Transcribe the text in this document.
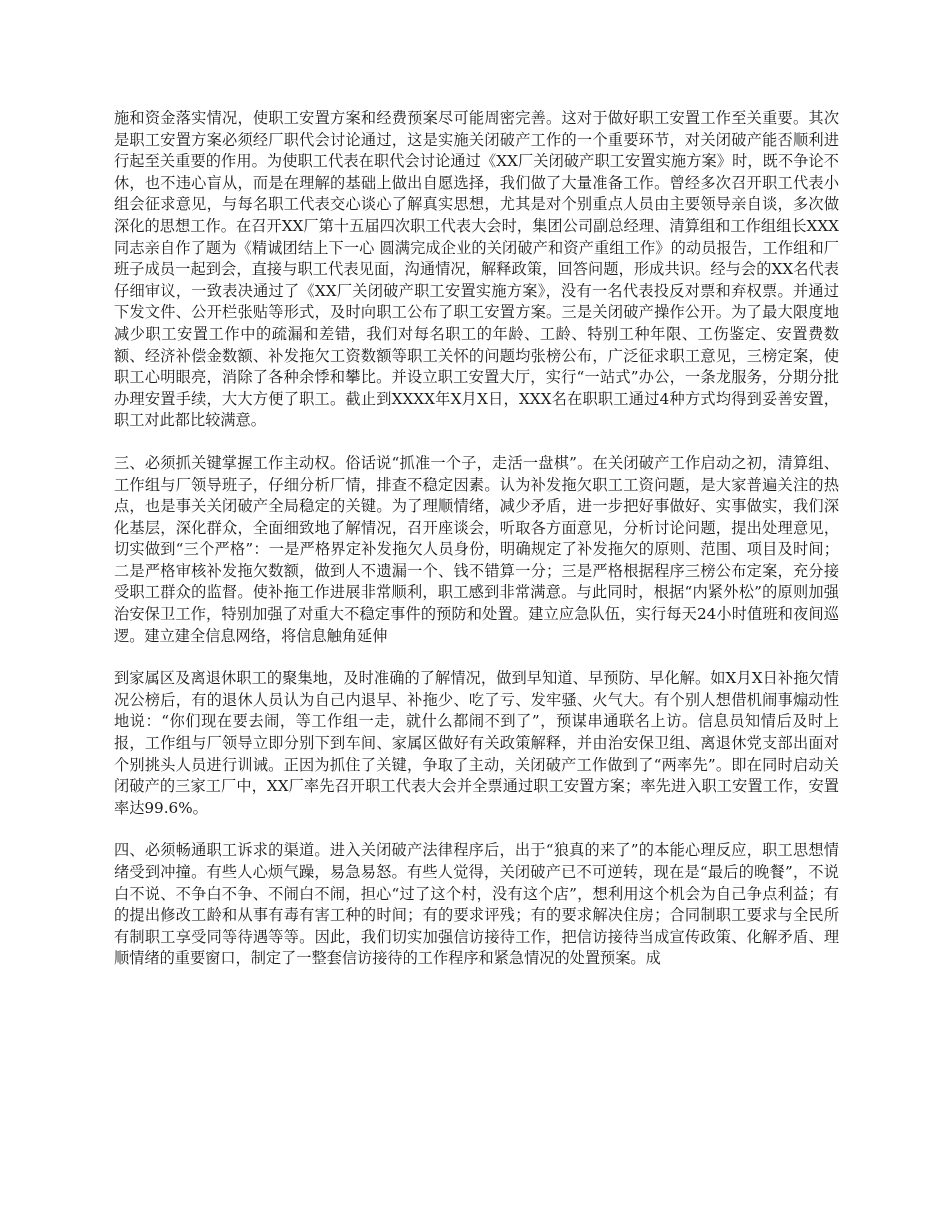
施和资金落实情况，使职工安置方案和经费预案尽可能周密完善。这对于做好职工安置工作至关重要。其次是职工安置方案必须经厂职代会讨论通过，这是实施关闭破产工作的一个重要环节，对关闭破产能否顺利进行起至关重要的作用。为使职工代表在职代会讨论通过《XX厂关闭破产职工安置实施方案》时，既不争论不休，也不违心盲从，而是在理解的基础上做出自愿选择，我们做了大量准备工作。曾经多次召开职工代表小组会征求意见，与每名职工代表交心谈心了解真实思想，尤其是对个别重点人员由主要领导亲自谈，多次做深化的思想工作。在召开XX厂第十五届四次职工代表大会时，集团公司副总经理、清算组和工作组组长XXX同志亲自作了题为《精诚团结上下一心 圆满完成企业的关闭破产和资产重组工作》的动员报告，工作组和厂班子成员一起到会，直接与职工代表见面，沟通情况，解释政策，回答问题，形成共识。经与会的XX名代表仔细审议，一致表决通过了《XX厂关闭破产职工安置实施方案》，没有一名代表投反对票和弃权票。并通过下发文件、公开栏张贴等形式，及时向职工公布了职工安置方案。三是关闭破产操作公开。为了最大限度地减少职工安置工作中的疏漏和差错，我们对每名职工的年龄、工龄、特别工种年限、工伤鉴定、安置费数额、经济补偿金数额、补发拖欠工资数额等职工关怀的问题均张榜公布，广泛征求职工意见，三榜定案，使职工心明眼亮，消除了各种余悸和攀比。并设立职工安置大厅，实行“一站式”办公，一条龙服务，分期分批办理安置手续，大大方便了职工。截止到XXXX年X月X日，XXX名在职职工通过4种方式均得到妥善安置，职工对此都比较满意。

三、必须抓关键掌握工作主动权。俗话说“抓准一个子，走活一盘棋”。在关闭破产工作启动之初，清算组、工作组与厂领导班子，仔细分析厂情，排查不稳定因素。认为补发拖欠职工工资问题，是大家普遍关注的热点，也是事关关闭破产全局稳定的关键。为了理顺情绪，减少矛盾，进一步把好事做好、实事做实，我们深化基层，深化群众，全面细致地了解情况，召开座谈会，听取各方面意见，分析讨论问题，提出处理意见，切实做到“三个严格”：一是严格界定补发拖欠人员身份，明确规定了补发拖欠的原则、范围、项目及时间；二是严格审核补发拖欠数额，做到人不遗漏一个、钱不错算一分；三是严格根据程序三榜公布定案，充分接受职工群众的监督。使补拖工作进展非常顺利，职工感到非常满意。与此同时，根据“内紧外松”的原则加强治安保卫工作，特别加强了对重大不稳定事件的预防和处置。建立应急队伍，实行每天24小时值班和夜间巡逻。建立建全信息网络，将信息触角延伸

到家属区及离退休职工的聚集地，及时准确的了解情况，做到早知道、早预防、早化解。如X月X日补拖欠情况公榜后，有的退休人员认为自己内退早、补拖少、吃了亏、发牢骚、火气大。有个别人想借机闹事煽动性地说：“你们现在要去闹，等工作组一走，就什么都闹不到了”，预谋串通联名上访。信息员知情后及时上报，工作组与厂领导立即分别下到车间、家属区做好有关政策解释，并由治安保卫组、离退休党支部出面对个别挑头人员进行训诫。正因为抓住了关键，争取了主动，关闭破产工作做到了“两率先”。即在同时启动关闭破产的三家工厂中，XX厂率先召开职工代表大会并全票通过职工安置方案；率先进入职工安置工作，安置率达99.6%。

四、必须畅通职工诉求的渠道。进入关闭破产法律程序后，出于“狼真的来了”的本能心理反应，职工思想情绪受到冲撞。有些人心烦气躁，易急易怒。有些人觉得，关闭破产已不可逆转，现在是“最后的晚餐”，不说白不说、不争白不争、不闹白不闹，担心“过了这个村，没有这个店”，想利用这个机会为自己争点利益；有的提出修改工龄和从事有毒有害工种的时间；有的要求评残；有的要求解决住房；合同制职工要求与全民所有制职工享受同等待遇等等。因此，我们切实加强信访接待工作，把信访接待当成宣传政策、化解矛盾、理顺情绪的重要窗口，制定了一整套信访接待的工作程序和紧急情况的处置预案。成
